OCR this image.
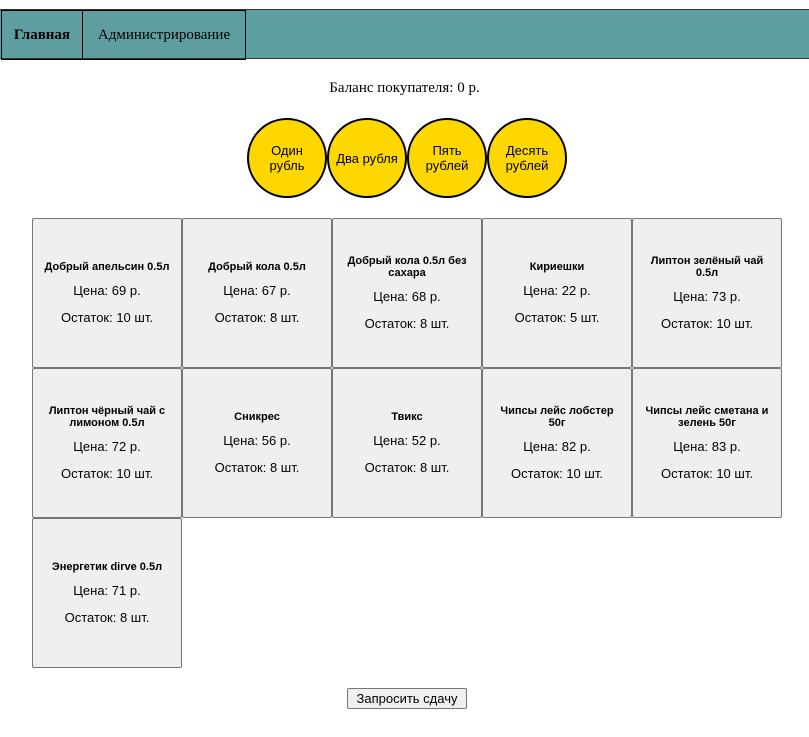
Главная	Администрирование
Баланс покупателя: 0 р.
Один рубль	Два рубля	Пять рублей
Десять рублей
Добрый апельсин 0.5л
Цена: 69 р.
Остаток: 10 шт.
Добрый кола 0.5л
Цена: 67 р.
Остаток: 8 шт.
Добрый кола 0.5л без сахара
Цена: 68 р.
Остаток: 8 шт.
Кириешки
Цена: 22 р.
Остаток: 5 шт.
Липтон зелёный чай 0.5л
Цена: 73 р.
Остаток: 10 шт.
Липтон чёрный чай с лимоном 0.5л
Цена: 72 р.
Остаток: 10 шт.
Сникрес
Цена: 56 р.
Остаток: 8 шт.
Твикс
Цена: 52 р.
Остаток: 8 шт.
Чипсы лейс лобстер 50г
Цена: 82 р.
Остаток: 10 шт.
Чипсы лейс сметана и зелень 50г
Цена: 83 р.
Остаток: 10 шт.
Энергетик dirve 0.5л
Цена: 71 р.
Остаток: 8 шт.
Запросить сдачу
